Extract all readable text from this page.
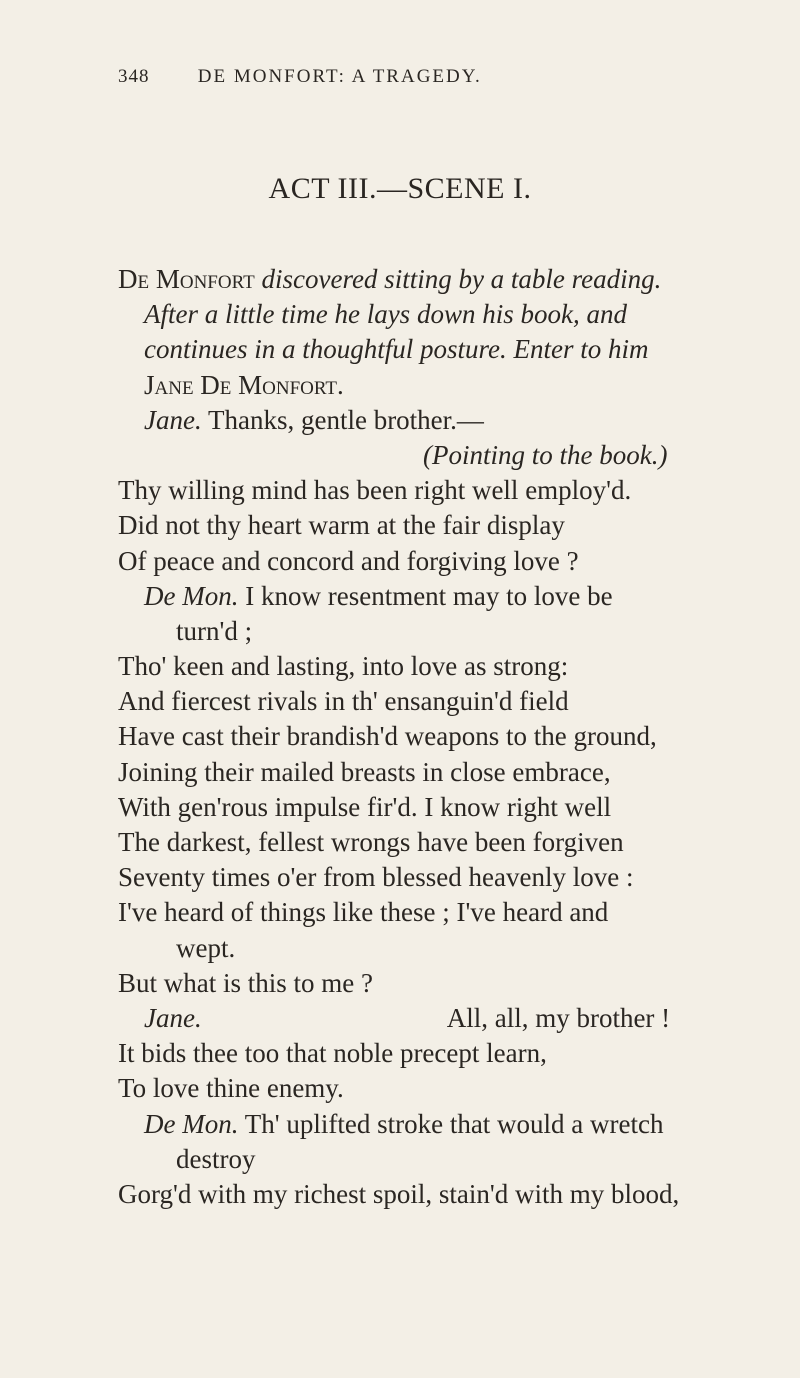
348	DE MONFORT: A TRAGEDY.
ACT III.—SCENE I.
De Monfort discovered sitting by a table reading.
After a little time he lays down his book, and
continues in a thoughtful posture. Enter to him
Jane De Monfort.
Jane. Thanks, gentle brother.—
(Pointing to the book.)
Thy willing mind has been right well employ'd.
Did not thy heart warm at the fair display
Of peace and concord and forgiving love ?
De Mon. I know resentment may to love be
turn'd ;
Tho' keen and lasting, into love as strong:
And fiercest rivals in th' ensanguin'd field
Have cast their brandish'd weapons to the ground,
Joining their mailed breasts in close embrace,
With gen'rous impulse fir'd. I know right well
The darkest, fellest wrongs have been forgiven
Seventy times o'er from blessed heavenly love :
I've heard of things like these ; I've heard and
wept.
But what is this to me ?
Jane.	All, all, my brother !
It bids thee too that noble precept learn,
To love thine enemy.
De Mon. Th' uplifted stroke that would a wretch
destroy
Gorg'd with my richest spoil, stain'd with my blood,
